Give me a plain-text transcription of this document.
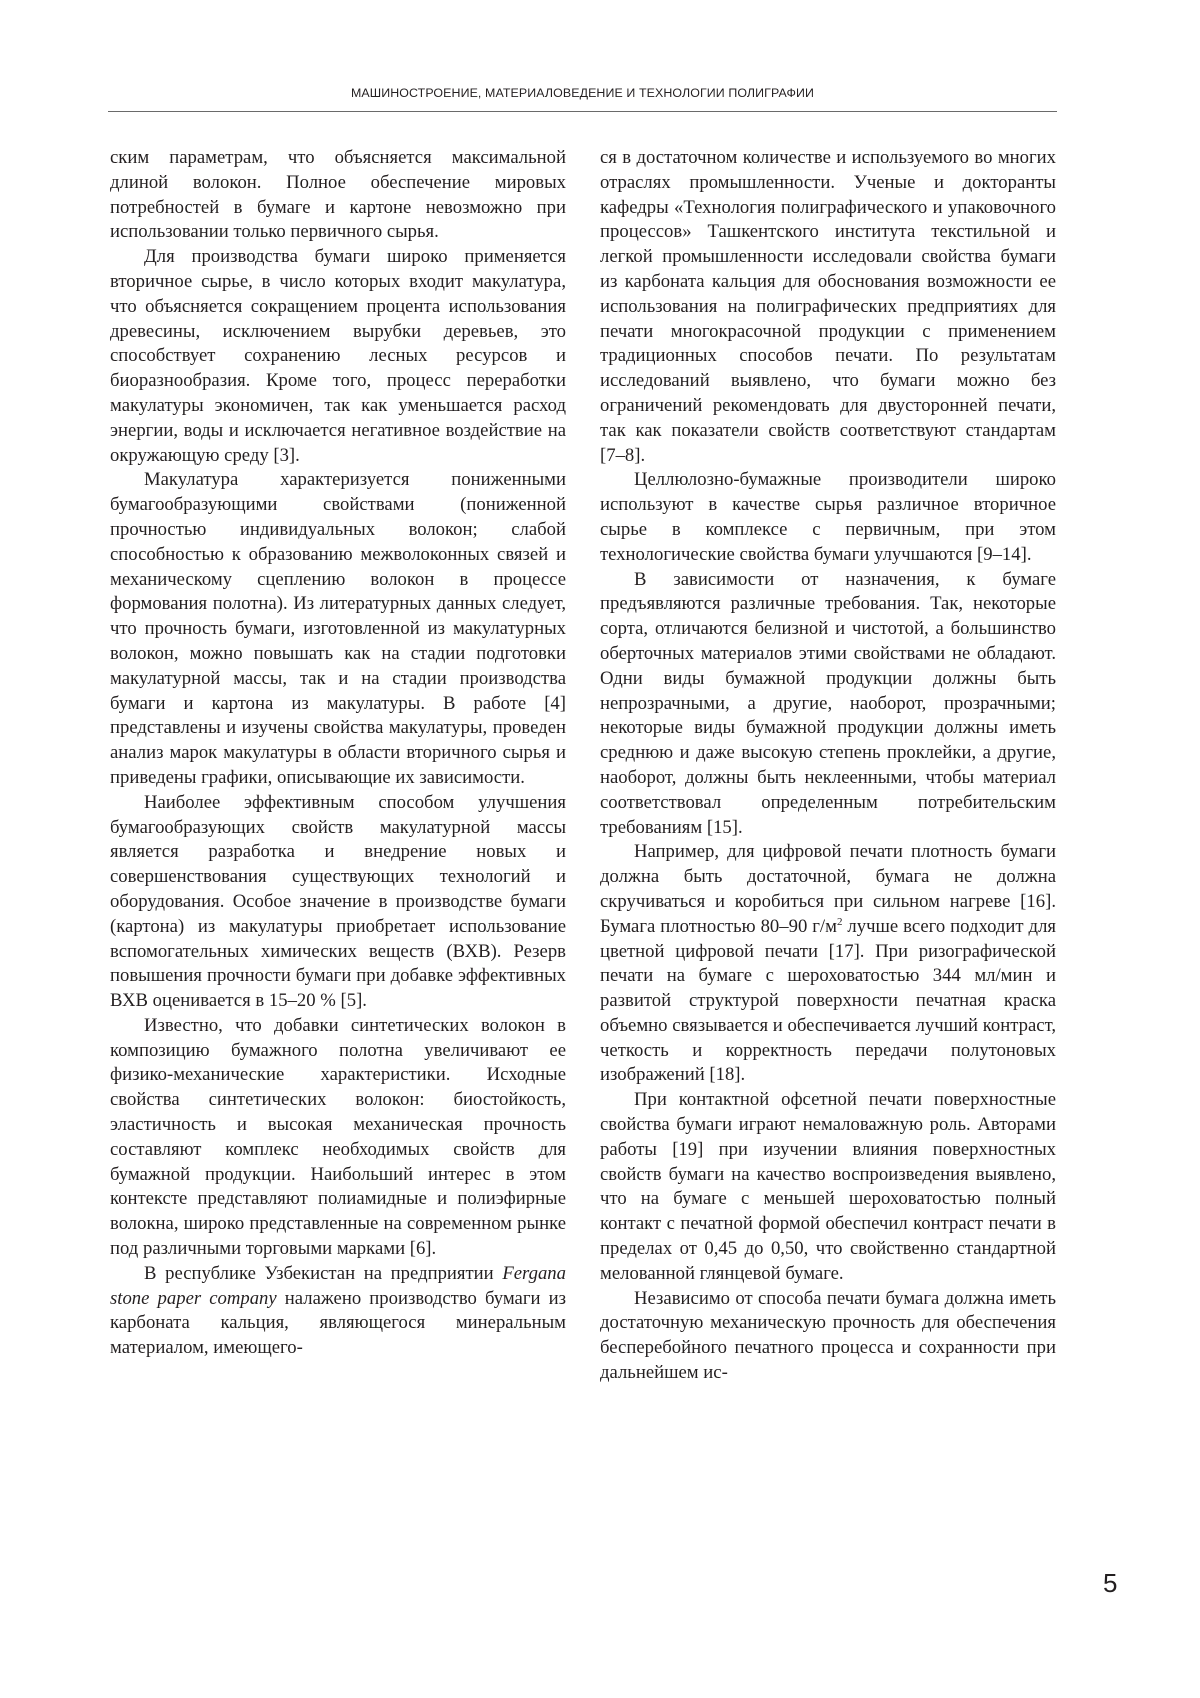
МАШИНОСТРОЕНИЕ, МАТЕРИАЛОВЕДЕНИЕ И ТЕХНОЛОГИИ ПОЛИГРАФИИ

ским параметрам, что объясняется максимальной длиной волокон. Полное обеспечение мировых потребностей в бумаге и картоне невозможно при использовании только первичного сырья.

Для производства бумаги широко применяется вторичное сырье, в число которых входит макулатура, что объясняется сокращением процента использования древесины, исключением вырубки деревьев, это способствует сохранению лесных ресурсов и биоразнообразия. Кроме того, процесс переработки макулатуры экономичен, так как уменьшается расход энергии, воды и исключается негативное воздействие на окружающую среду [3].

Макулатура характеризуется пониженными бумагообразующими свойствами (пониженной прочностью индивидуальных волокон; слабой способностью к образованию межволоконных связей и механическому сцеплению волокон в процессе формования полотна). Из литературных данных следует, что прочность бумаги, изготовленной из макулатурных волокон, можно повышать как на стадии подготовки макулатурной массы, так и на стадии производства бумаги и картона из макулатуры. В работе [4] представлены и изучены свойства макулатуры, проведен анализ марок макулатуры в области вторичного сырья и приведены графики, описывающие их зависимости.

Наиболее эффективным способом улучшения бумагообразующих свойств макулатурной массы является разработка и внедрение новых и совершенствования существующих технологий и оборудования. Особое значение в производстве бумаги (картона) из макулатуры приобретает использование вспомогательных химических веществ (ВХВ). Резерв повышения прочности бумаги при добавке эффективных ВХВ оценивается в 15–20 % [5].

Известно, что добавки синтетических волокон в композицию бумажного полотна увеличивают ее физико-механические характеристики. Исходные свойства синтетических волокон: биостойкость, эластичность и высокая механическая прочность составляют комплекс необходимых свойств для бумажной продукции. Наибольший интерес в этом контексте представляют полиамидные и полиэфирные волокна, широко представленные на современном рынке под различными торговыми марками [6].

В республике Узбекистан на предприятии Fergana stone paper company налажено производство бумаги из карбоната кальция, являющегося минеральным материалом, имеющего-

ся в достаточном количестве и используемого во многих отраслях промышленности. Ученые и докторанты кафедры «Технология полиграфического и упаковочного процессов» Ташкентского института текстильной и легкой промышленности исследовали свойства бумаги из карбоната кальция для обоснования возможности ее использования на полиграфических предприятиях для печати многокрасочной продукции с применением традиционных способов печати. По результатам исследований выявлено, что бумаги можно без ограничений рекомендовать для двусторонней печати, так как показатели свойств соответствуют стандартам [7–8].

Целлюлозно-бумажные производители широко используют в качестве сырья различное вторичное сырье в комплексе с первичным, при этом технологические свойства бумаги улучшаются [9–14].

В зависимости от назначения, к бумаге предъявляются различные требования. Так, некоторые сорта, отличаются белизной и чистотой, а большинство оберточных материалов этими свойствами не обладают. Одни виды бумажной продукции должны быть непрозрачными, а другие, наоборот, прозрачными; некоторые виды бумажной продукции должны иметь среднюю и даже высокую степень проклейки, а другие, наоборот, должны быть неклеенными, чтобы материал соответствовал определенным потребительским требованиям [15].

Например, для цифровой печати плотность бумаги должна быть достаточной, бумага не должна скручиваться и коробиться при сильном нагреве [16]. Бумага плотностью 80–90 $г/м^2$ лучше всего подходит для цветной цифровой печати [17]. При ризографической печати на бумаге с шероховатостью 344 мл/мин и развитой структурой поверхности печатная краска объемно связывается и обеспечивается лучший контраст, четкость и корректность передачи полутоновых изображений [18].

При контактной офсетной печати поверхностные свойства бумаги играют немаловажную роль. Авторами работы [19] при изучении влияния поверхностных свойств бумаги на качество воспроизведения выявлено, что на бумаге с меньшей шероховатостью полный контакт с печатной формой обеспечил контраст печати в пределах от 0,45 до 0,50, что свойственно стандартной мелованной глянцевой бумаге.

Независимо от способа печати бумага должна иметь достаточную механическую прочность для обеспечения бесперебойного печатного процесса и сохранности при дальнейшем ис-

5
